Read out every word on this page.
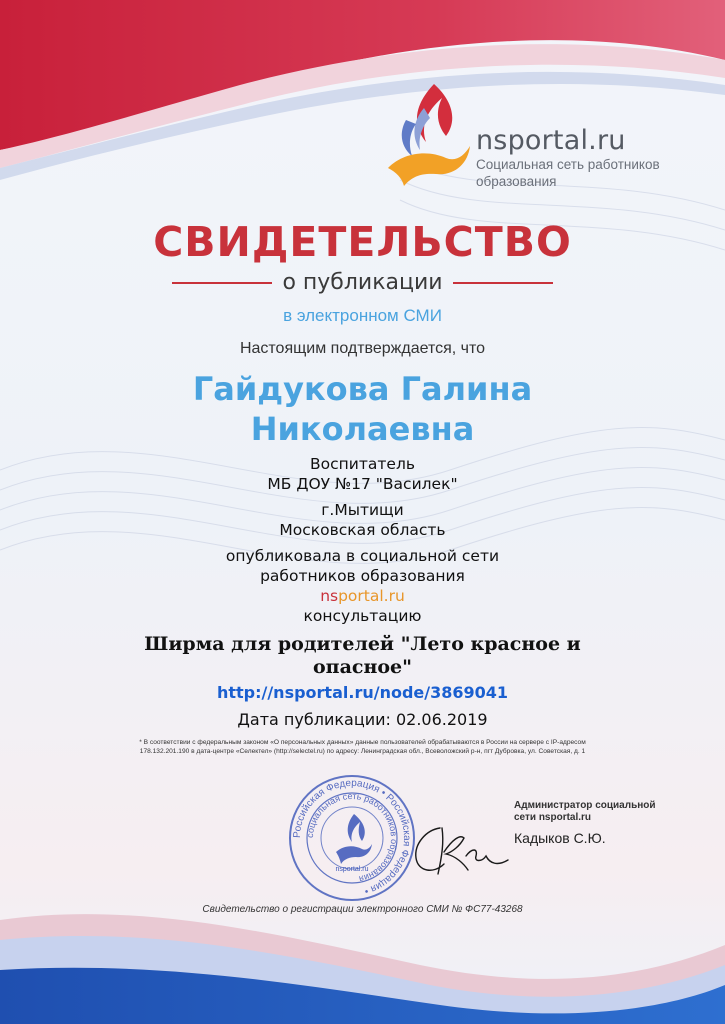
nsportal.ru
Социальная сеть работников образования
СВИДЕТЕЛЬСТВО
о публикации
в электронном СМИ
Настоящим подтверждается, что
Гайдукова Галина
Николаевна
Воспитатель
МБ ДОУ №17 "Василек"
г.Мытищи
Московская область
опубликовала в социальной сети
работников образования
nsportal.ru
консультацию
Ширма для родителей "Лето красное и
опасное"
http://nsportal.ru/node/3869041
Дата публикации: 02.06.2019
* В соответствии с федеральным законом «О персональных данных» данные пользователей обрабатываются в России на сервере с IP-адресом
178.132.201.190 в дата-центре «Селектел» (http://selectel.ru) по адресу: Ленинградская обл., Всеволожский р-н, пгт Дубровка, ул. Советская, д. 1
Российская Федерация • Российская Федерация •
социальная сеть работников образования
nsportal.ru
Администратор социальной сети nsportal.ru
Кадыков С.Ю.
Свидетельство о регистрации электронного СМИ № ФС77-43268
